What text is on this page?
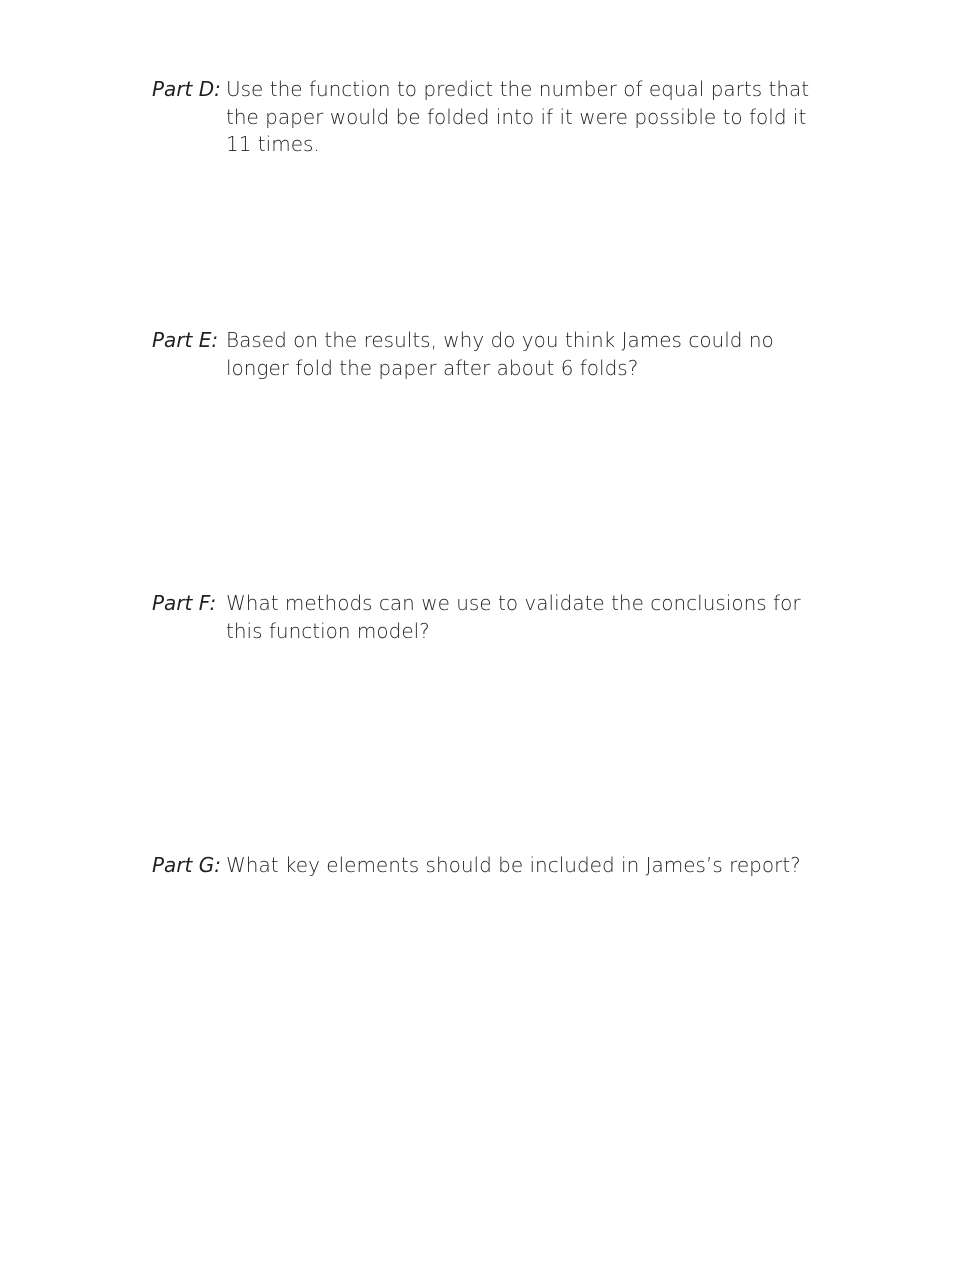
Part D: Use the function to predict the number of equal parts that the paper would be folded into if it were possible to fold it 11 times.

Part E: Based on the results, why do you think James could no longer fold the paper after about 6 folds?

Part F: What methods can we use to validate the conclusions for this function model?

Part G: What key elements should be included in James’s report?
